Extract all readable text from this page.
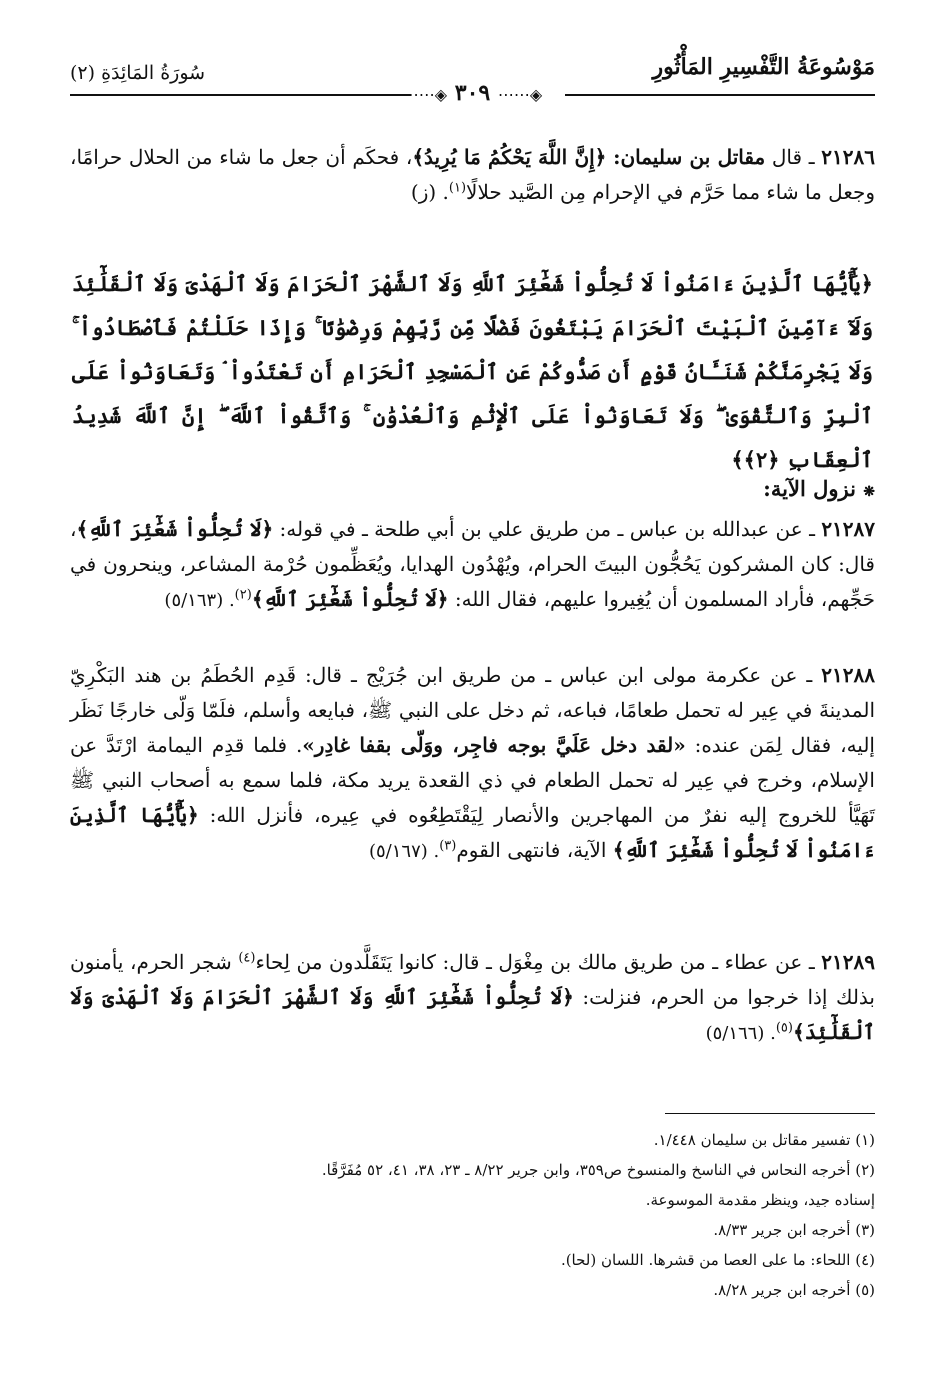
مَوْسُوعَةُ التَّفْسِيرِ المَأْثُورِ
سُورَةُ المَائِدَةِ (٢)
◈⋯⋯ ٣٠٩ ◈⋯⋯
٢١٢٨٦ ـ قال مقاتل بن سليمان: ﴿إِنَّ اللَّهَ يَحْكُمُ مَا يُرِيدُ﴾، فحكَم أن جعل ما شاء من الحلال حرامًا، وجعل ما شاء مما حَرَّم في الإحرام مِن الصَّيد حلالًا$^{(١)}$. (ز)
﴿يَٰٓأَيُّهَا ٱلَّذِينَ ءَامَنُواْ لَا تُحِلُّواْ شَعَٰٓئِرَ ٱللَّهِ وَلَا ٱلشَّهْرَ ٱلْحَرَامَ وَلَا ٱلْهَدْىَ وَلَا ٱلْقَلَٰٓئِدَ وَلَآ ءَآمِّينَ ٱلْبَيْتَ ٱلْحَرَامَ يَبْتَغُونَ فَضْلًا مِّن رَّبِّهِمْ وَرِضْوَٰنًا ۚ وَإِذَا حَلَلْتُمْ فَٱصْطَادُواْ ۚ وَلَا يَجْرِمَنَّكُمْ شَنَـَٔانُ قَوْمٍ أَن صَدُّوكُمْ عَنِ ٱلْمَسْجِدِ ٱلْحَرَامِ أَن تَعْتَدُواْ ۘ وَتَعَاوَنُواْ عَلَى ٱلْبِرِّ وَٱلتَّقْوَىٰ ۖ وَلَا تَعَاوَنُواْ عَلَى ٱلْإِثْمِ وَٱلْعُدْوَٰنِ ۚ وَٱتَّقُواْ ٱللَّهَ ۖ إِنَّ ٱللَّهَ شَدِيدُ ٱلْعِقَابِ ﴿٢﴾﴾
❋ نزول الآية:
٢١٢٨٧ ـ عن عبدالله بن عباس ـ من طريق علي بن أبي طلحة ـ في قوله: ﴿لَا تُحِلُّواْ شَعَٰٓئِرَ ٱللَّهِ﴾، قال: كان المشركون يَحُجُّون البيتَ الحرام، ويُهْدُون الهدايا، ويُعَظِّمون حُرْمة المشاعر، وينحرون في حَجِّهم، فأراد المسلمون أن يُغِيروا عليهم، فقال الله: ﴿لَا تُحِلُّواْ شَعَٰٓئِرَ ٱللَّهِ﴾$^{(٢)}$. (٥/١٦٣)
٢١٢٨٨ ـ عن عكرمة مولى ابن عباس ـ من طريق ابن جُرَيْج ـ قال: قَدِم الحُطَمُ بن هند البَكْرِيّ المدينةَ في عِير له تحمل طعامًا، فباعه، ثم دخل على النبي ﷺ، فبايعه وأسلم، فلَمّا وَلّى خارجًا نَظَر إليه، فقال لِمَن عنده: «لقد دخل عَلَيَّ بوجه فاجِر، ووَلّى بقفا غادِر». فلما قدِم اليمامة ارْتَدَّ عن الإسلام، وخرج في عِير له تحمل الطعام في ذي القعدة يريد مكة، فلما سمع به أصحاب النبي ﷺ تَهَيَّأ للخروج إليه نفرٌ من المهاجرين والأنصار لِيَقْتَطِعُوه في عِيره، فأنزل الله: ﴿يَٰٓأَيُّهَا ٱلَّذِينَ ءَامَنُواْ لَا تُحِلُّواْ شَعَٰٓئِرَ ٱللَّهِ﴾ الآية، فانتهى القوم$^{(٣)}$. (٥/١٦٧)
٢١٢٨٩ ـ عن عطاء ـ من طريق مالك بن مِغْوَل ـ قال: كانوا يَتَقَلَّدون من لِحاء$^{(٤)}$ شجر الحرم، يأمنون بذلك إذا خرجوا من الحرم، فنزلت: ﴿لَا تُحِلُّواْ شَعَٰٓئِرَ ٱللَّهِ وَلَا ٱلشَّهْرَ ٱلْحَرَامَ وَلَا ٱلْهَدْىَ وَلَا ٱلْقَلَٰٓئِدَ﴾$^{(٥)}$. (٥/١٦٦)

(١) تفسير مقاتل بن سليمان ١/٤٤٨.

(٢) أخرجه النحاس في الناسخ والمنسوخ ص٣٥٩، وابن جرير ٨/٢٢ ـ ٢٣، ٣٨، ٤١، ٥٢ مُفَرَّقًا.

إسناده جيد، وينظر مقدمة الموسوعة.

(٣) أخرجه ابن جرير ٨/٣٣.

(٤) اللحاء: ما على العصا من قشرها. اللسان (لحا).

(٥) أخرجه ابن جرير ٨/٢٨.
